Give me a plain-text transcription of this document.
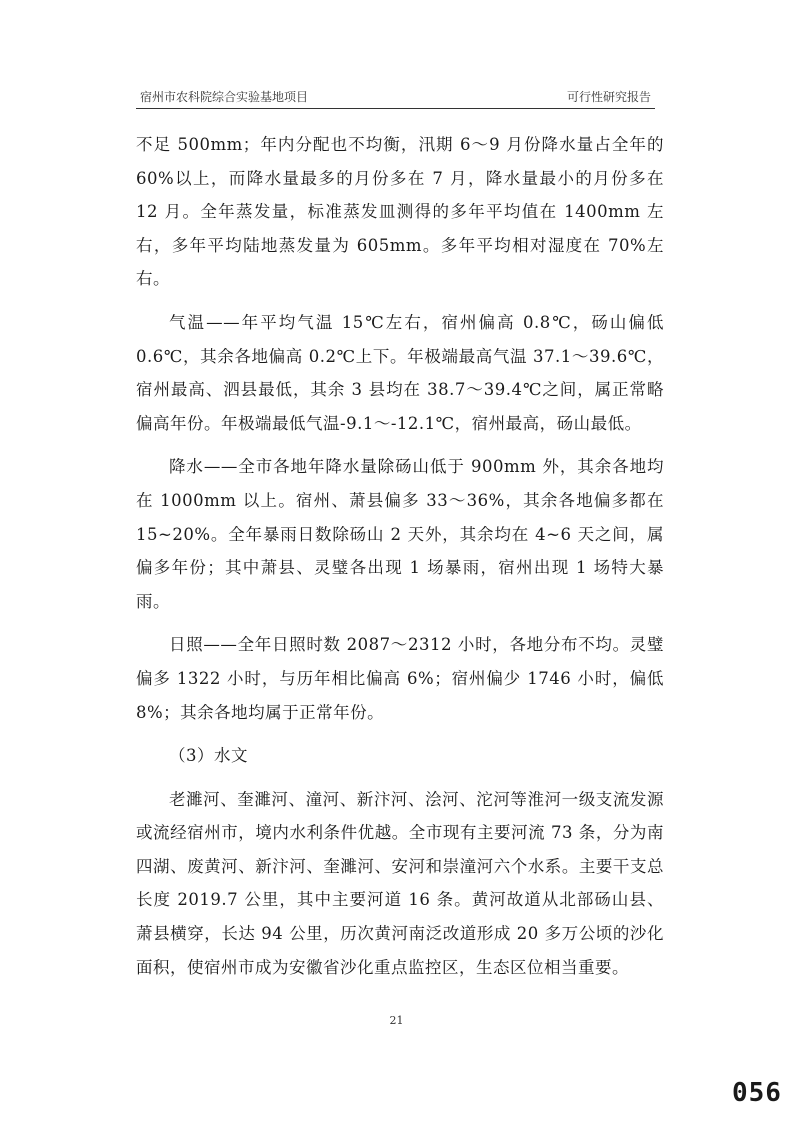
宿州市农科院综合实验基地项目	可行性研究报告

不足 500mm；年内分配也不均衡，汛期 6～9 月份降水量占全年的 60%以上，而降水量最多的月份多在 7 月，降水量最小的月份多在 12 月。全年蒸发量，标准蒸发皿测得的多年平均值在 1400mm 左右，多年平均陆地蒸发量为 605mm。多年平均相对湿度在 70%左右。

气温——年平均气温 15℃左右，宿州偏高 0.8℃，砀山偏低 0.6℃，其余各地偏高 0.2℃上下。年极端最高气温 37.1～39.6℃，宿州最高、泗县最低，其余 3 县均在 38.7～39.4℃之间，属正常略偏高年份。年极端最低气温-9.1～-12.1℃，宿州最高，砀山最低。

降水——全市各地年降水量除砀山低于 900mm 外，其余各地均在 1000mm 以上。宿州、萧县偏多 33～36%，其余各地偏多都在 15~20%。全年暴雨日数除砀山 2 天外，其余均在 4~6 天之间，属偏多年份；其中萧县、灵璧各出现 1 场暴雨，宿州出现 1 场特大暴雨。

日照——全年日照时数 2087～2312 小时，各地分布不均。灵璧偏多 1322 小时，与历年相比偏高 6%；宿州偏少 1746 小时，偏低 8%；其余各地均属于正常年份。

（3）水文

老濉河、奎濉河、潼河、新汴河、浍河、沱河等淮河一级支流发源或流经宿州市，境内水利条件优越。全市现有主要河流 73 条，分为南四湖、废黄河、新汴河、奎濉河、安河和崇潼河六个水系。主要干支总长度 2019.7 公里，其中主要河道 16 条。黄河故道从北部砀山县、萧县横穿，长达 94 公里，历次黄河南泛改道形成 20 多万公顷的沙化面积，使宿州市成为安徽省沙化重点监控区，生态区位相当重要。

21
056
